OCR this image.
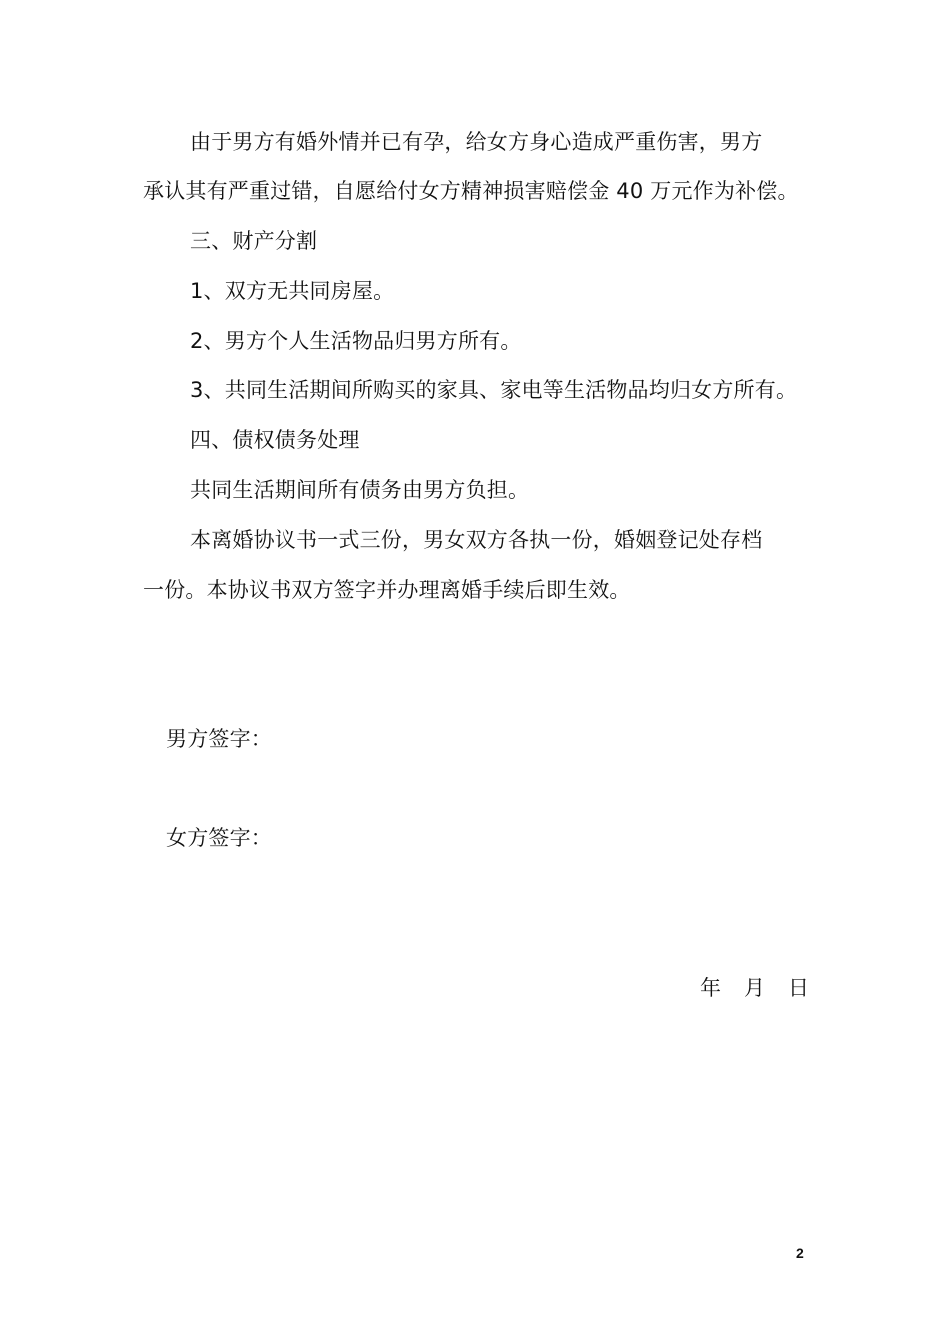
由于男方有婚外情并已有孕，给女方身心造成严重伤害，男方
承认其有严重过错，自愿给付女方精神损害赔偿金 40 万元作为补偿。
三、财产分割
1、双方无共同房屋。
2、男方个人生活物品归男方所有。
3、共同生活期间所购买的家具、家电等生活物品均归女方所有。
四、债权债务处理
共同生活期间所有债务由男方负担。
本离婚协议书一式三份，男女双方各执一份，婚姻登记处存档
一份。本协议书双方签字并办理离婚手续后即生效。
男方签字：
女方签字：
年 月 日
2
